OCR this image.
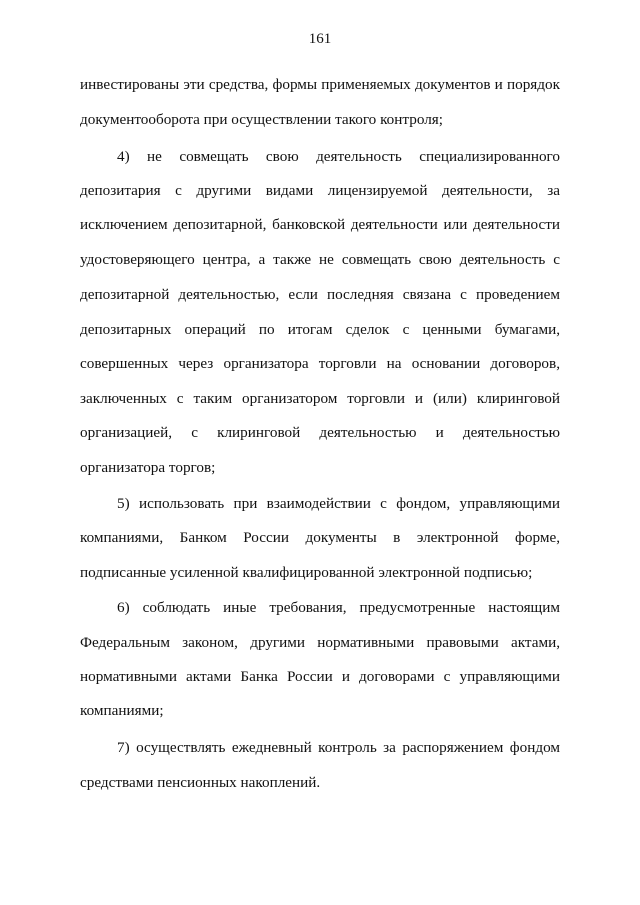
161
инвестированы эти средства, формы применяемых документов и порядок
документооборота при осуществлении такого контроля;
4) не совмещать свою деятельность специализированного
депозитария с другими видами лицензируемой деятельности, за
исключением депозитарной, банковской деятельности или деятельности
удостоверяющего центра, а также не совмещать свою деятельность с
депозитарной деятельностью, если последняя связана с проведением
депозитарных операций по итогам сделок с ценными бумагами,
совершенных через организатора торговли на основании договоров,
заключенных с таким организатором торговли и (или) клиринговой
организацией, с клиринговой деятельностью и деятельностью
организатора торгов;
5) использовать при взаимодействии с фондом, управляющими
компаниями, Банком России документы в электронной форме,
подписанные усиленной квалифицированной электронной подписью;
6) соблюдать иные требования, предусмотренные настоящим
Федеральным законом, другими нормативными правовыми актами,
нормативными актами Банка России и договорами с управляющими
компаниями;
7) осуществлять ежедневный контроль за распоряжением фондом
средствами пенсионных накоплений.
